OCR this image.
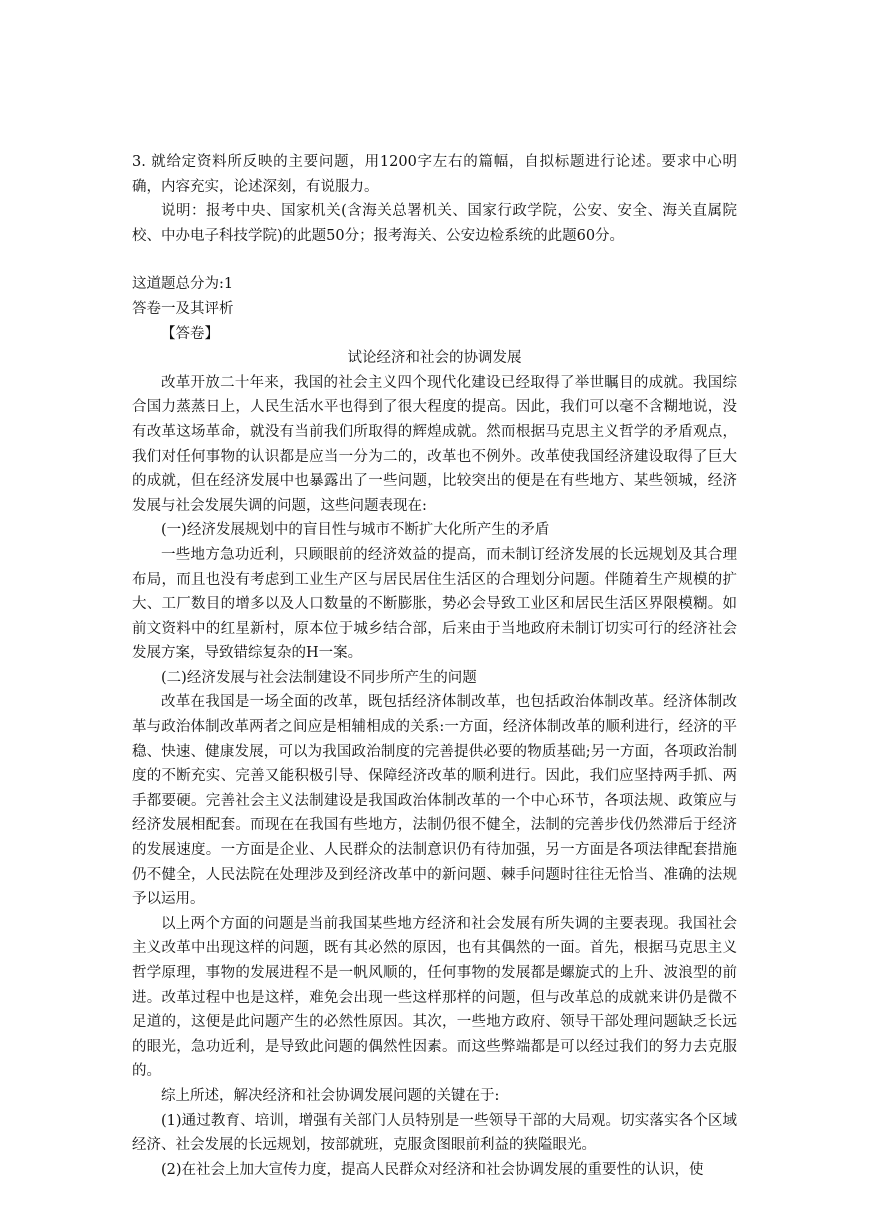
3. 就给定资料所反映的主要问题，用1200字左右的篇幅，自拟标题进行论述。要求中心明确，内容充实，论述深刻，有说服力。

说明：报考中央、国家机关(含海关总署机关、国家行政学院，公安、安全、海关直属院校、中办电子科技学院)的此题50分；报考海关、公安边检系统的此题60分。

这道题总分为:1

答卷一及其评析

【答卷】

试论经济和社会的协调发展

改革开放二十年来，我国的社会主义四个现代化建设已经取得了举世瞩目的成就。我国综合国力蒸蒸日上，人民生活水平也得到了很大程度的提高。因此，我们可以毫不含糊地说，没有改革这场革命，就没有当前我们所取得的辉煌成就。然而根据马克思主义哲学的矛盾观点，我们对任何事物的认识都是应当一分为二的，改革也不例外。改革使我国经济建设取得了巨大的成就，但在经济发展中也暴露出了一些问题，比较突出的便是在有些地方、某些领城，经济发展与社会发展失调的问题，这些问题表现在:

(一)经济发展规划中的盲目性与城市不断扩大化所产生的矛盾

一些地方急功近利，只顾眼前的经济效益的提高，而未制订经济发展的长远规划及其合理布局，而且也没有考虑到工业生产区与居民居住生活区的合理划分问题。伴随着生产规模的扩大、工厂数目的增多以及人口数量的不断膨胀，势必会导致工业区和居民生活区界限模糊。如前文资料中的红星新村，原本位于城乡结合部，后来由于当地政府未制订切实可行的经济社会发展方案，导致错综复杂的H一案。

(二)经济发展与社会法制建设不同步所产生的问题

改革在我国是一场全面的改革，既包括经济体制改革，也包括政治体制改革。经济体制改革与政治体制改革两者之间应是相辅相成的关系:一方面，经济体制改革的顺利进行，经济的平稳、快速、健康发展，可以为我国政治制度的完善提供必要的物质基础;另一方面，各项政治制度的不断充实、完善又能积极引导、保障经济改革的顺利进行。因此，我们应坚持两手抓、两手都要硬。完善社会主义法制建设是我国政治体制改革的一个中心环节，各项法规、政策应与经济发展相配套。而现在在我国有些地方，法制仍很不健全，法制的完善步伐仍然滞后于经济的发展速度。一方面是企业、人民群众的法制意识仍有待加强，另一方面是各项法律配套措施仍不健全，人民法院在处理涉及到经济改革中的新问题、棘手问题时往往无恰当、准确的法规予以运用。

以上两个方面的问题是当前我国某些地方经济和社会发展有所失调的主要表现。我国社会主义改革中出现这样的问题，既有其必然的原因，也有其偶然的一面。首先，根据马克思主义哲学原理，事物的发展进程不是一帆风顺的，任何事物的发展都是螺旋式的上升、波浪型的前进。改革过程中也是这样，难免会出现一些这样那样的问题，但与改革总的成就来讲仍是微不足道的，这便是此问题产生的必然性原因。其次，一些地方政府、领导干部处理问题缺乏长远的眼光，急功近利，是导致此问题的偶然性因素。而这些弊端都是可以经过我们的努力去克服的。

综上所述，解决经济和社会协调发展问题的关键在于:

(1)通过教育、培训，增强有关部门人员特别是一些领导干部的大局观。切实落实各个区域经济、社会发展的长远规划，按部就班，克服贪图眼前利益的狭隘眼光。

(2)在社会上加大宣传力度，提高人民群众对经济和社会协调发展的重要性的认识，使
